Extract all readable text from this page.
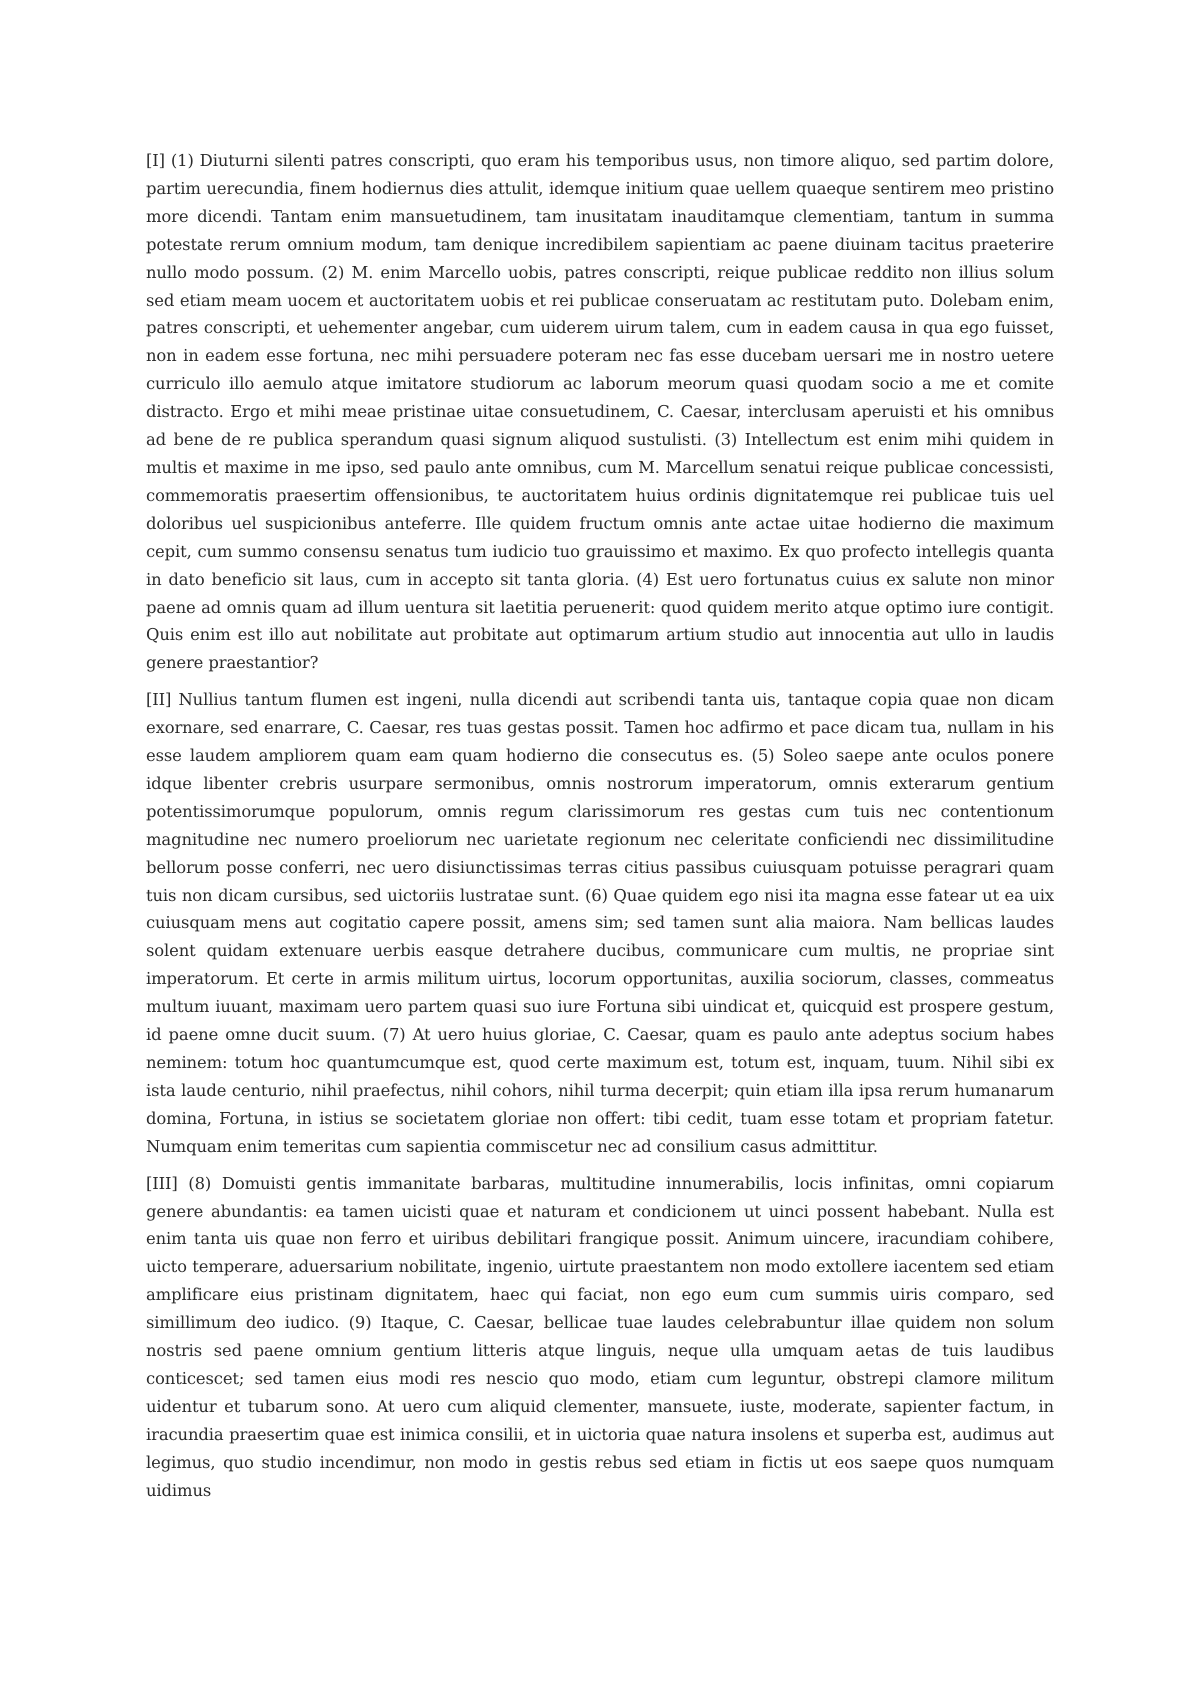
[I] (1) Diuturni silenti patres conscripti, quo eram his temporibus usus, non timore aliquo, sed partim dolore, partim uerecundia, finem hodiernus dies attulit, idemque initium quae uellem quaeque sentirem meo pristino more dicendi. Tantam enim mansuetudinem, tam inusitatam inauditamque clementiam, tantum in summa potestate rerum omnium modum, tam denique incredibilem sapientiam ac paene diuinam tacitus praeterire nullo modo possum. (2) M. enim Marcello uobis, patres conscripti, reique publicae reddito non illius solum sed etiam meam uocem et auctoritatem uobis et rei publicae conseruatam ac restitutam puto. Dolebam enim, patres conscripti, et uehementer angebar, cum uiderem uirum talem, cum in eadem causa in qua ego fuisset, non in eadem esse fortuna, nec mihi persuadere poteram nec fas esse ducebam uersari me in nostro uetere curriculo illo aemulo atque imitatore studiorum ac laborum meorum quasi quodam socio a me et comite distracto. Ergo et mihi meae pristinae uitae consuetudinem, C. Caesar, interclusam aperuisti et his omnibus ad bene de re publica sperandum quasi signum aliquod sustulisti. (3) Intellectum est enim mihi quidem in multis et maxime in me ipso, sed paulo ante omnibus, cum M. Marcellum senatui reique publicae concessisti, commemoratis praesertim offensionibus, te auctoritatem huius ordinis dignitatemque rei publicae tuis uel doloribus uel suspicionibus anteferre. Ille quidem fructum omnis ante actae uitae hodierno die maximum cepit, cum summo consensu senatus tum iudicio tuo grauissimo et maximo. Ex quo profecto intellegis quanta in dato beneficio sit laus, cum in accepto sit tanta gloria. (4) Est uero fortunatus cuius ex salute non minor paene ad omnis quam ad illum uentura sit laetitia peruenerit: quod quidem merito atque optimo iure contigit. Quis enim est illo aut nobilitate aut probitate aut optimarum artium studio aut innocentia aut ullo in laudis genere praestantior?

[II] Nullius tantum flumen est ingeni, nulla dicendi aut scribendi tanta uis, tantaque copia quae non dicam exornare, sed enarrare, C. Caesar, res tuas gestas possit. Tamen hoc adfirmo et pace dicam tua, nullam in his esse laudem ampliorem quam eam quam hodierno die consecutus es. (5) Soleo saepe ante oculos ponere idque libenter crebris usurpare sermonibus, omnis nostrorum imperatorum, omnis exterarum gentium potentissimorumque populorum, omnis regum clarissimorum res gestas cum tuis nec contentionum magnitudine nec numero proeliorum nec uarietate regionum nec celeritate conficiendi nec dissimilitudine bellorum posse conferri, nec uero disiunctissimas terras citius passibus cuiusquam potuisse peragrari quam tuis non dicam cursibus, sed uictoriis lustratae sunt. (6) Quae quidem ego nisi ita magna esse fatear ut ea uix cuiusquam mens aut cogitatio capere possit, amens sim; sed tamen sunt alia maiora. Nam bellicas laudes solent quidam extenuare uerbis easque detrahere ducibus, communicare cum multis, ne propriae sint imperatorum. Et certe in armis militum uirtus, locorum opportunitas, auxilia sociorum, classes, commeatus multum iuuant, maximam uero partem quasi suo iure Fortuna sibi uindicat et, quicquid est prospere gestum, id paene omne ducit suum. (7) At uero huius gloriae, C. Caesar, quam es paulo ante adeptus socium habes neminem: totum hoc quantumcumque est, quod certe maximum est, totum est, inquam, tuum. Nihil sibi ex ista laude centurio, nihil praefectus, nihil cohors, nihil turma decerpit; quin etiam illa ipsa rerum humanarum domina, Fortuna, in istius se societatem gloriae non offert: tibi cedit, tuam esse totam et propriam fatetur. Numquam enim temeritas cum sapientia commiscetur nec ad consilium casus admittitur.

[III] (8) Domuisti gentis immanitate barbaras, multitudine innumerabilis, locis infinitas, omni copiarum genere abundantis: ea tamen uicisti quae et naturam et condicionem ut uinci possent habebant. Nulla est enim tanta uis quae non ferro et uiribus debilitari frangique possit. Animum uincere, iracundiam cohibere, uicto temperare, aduersarium nobilitate, ingenio, uirtute praestantem non modo extollere iacentem sed etiam amplificare eius pristinam dignitatem, haec qui faciat, non ego eum cum summis uiris comparo, sed simillimum deo iudico. (9) Itaque, C. Caesar, bellicae tuae laudes celebrabuntur illae quidem non solum nostris sed paene omnium gentium litteris atque linguis, neque ulla umquam aetas de tuis laudibus conticescet; sed tamen eius modi res nescio quo modo, etiam cum leguntur, obstrepi clamore militum uidentur et tubarum sono. At uero cum aliquid clementer, mansuete, iuste, moderate, sapienter factum, in iracundia praesertim quae est inimica consilii, et in uictoria quae natura insolens et superba est, audimus aut legimus, quo studio incendimur, non modo in gestis rebus sed etiam in fictis ut eos saepe quos numquam uidimus
